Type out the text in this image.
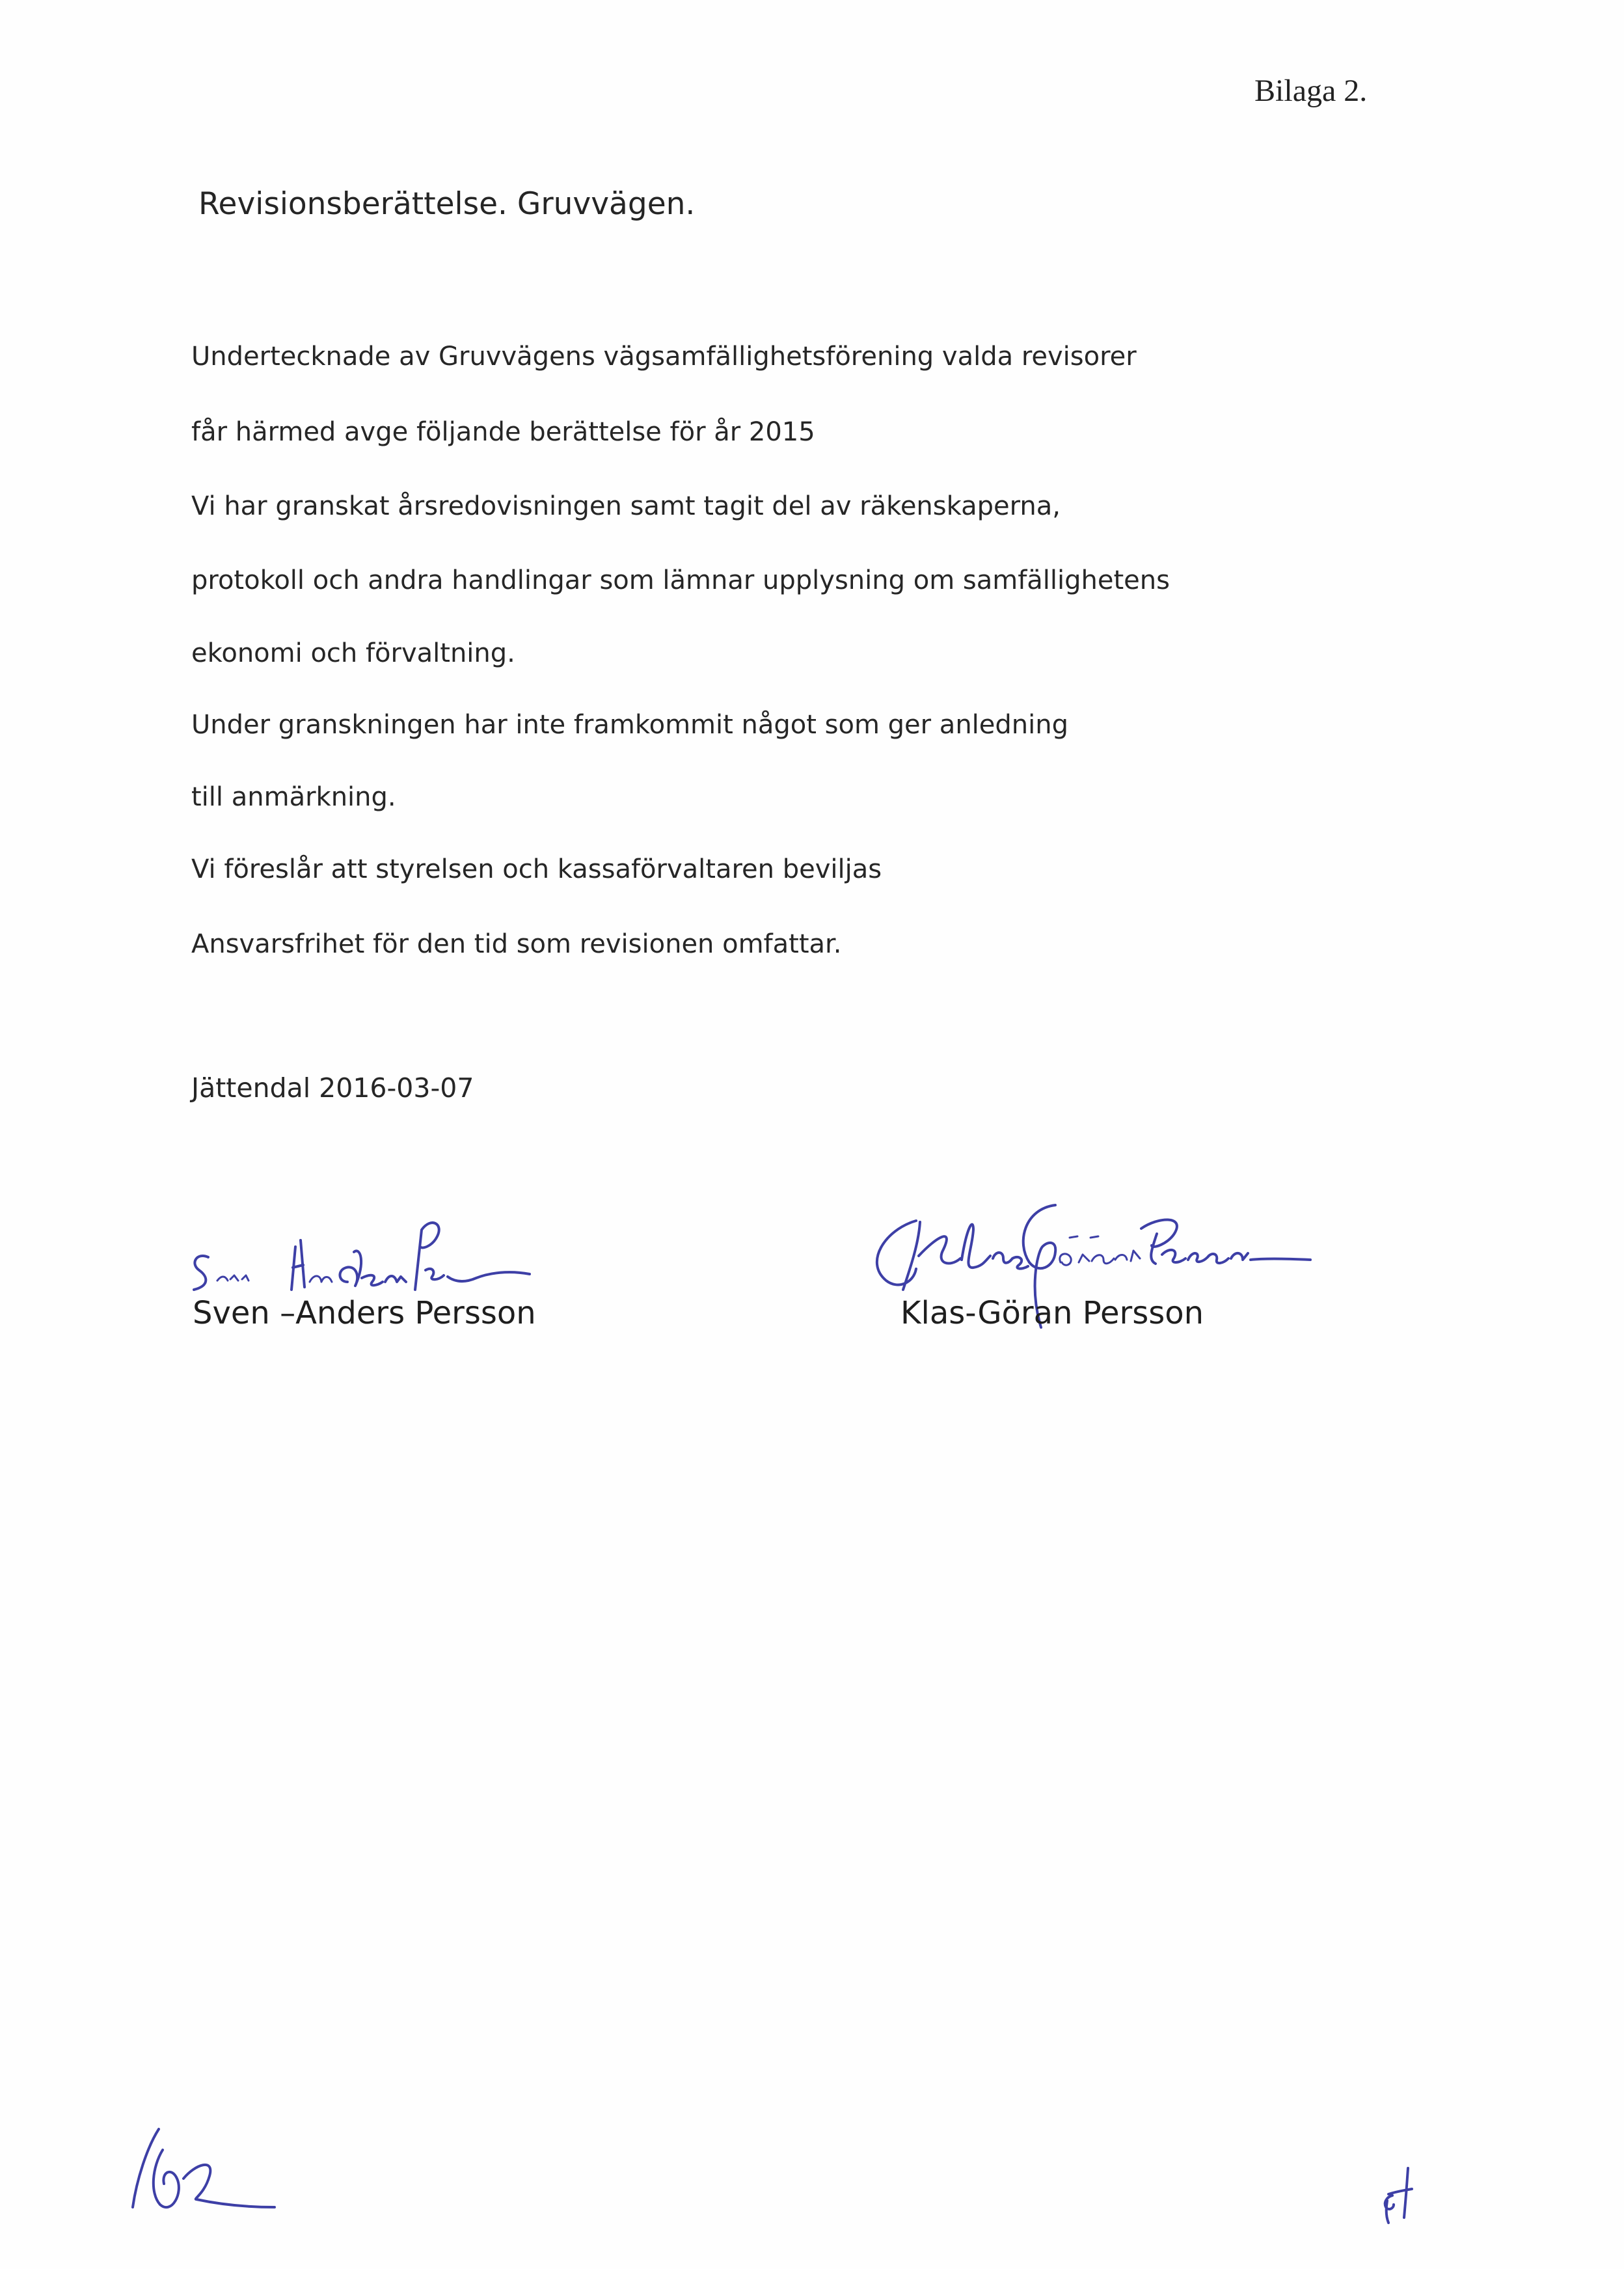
Bilaga 2.
Revisionsberättelse. Gruvvägen.
Undertecknade av Gruvvägens vägsamfällighetsförening valda revisorer
får härmed avge följande berättelse för år 2015
Vi har granskat årsredovisningen samt tagit del av räkenskaperna,
protokoll och andra handlingar som lämnar upplysning om samfällighetens
ekonomi och förvaltning.
Under granskningen har inte framkommit något som ger anledning
till anmärkning.
Vi föreslår att styrelsen och kassaförvaltaren beviljas
Ansvarsfrihet för den tid som revisionen omfattar.
Jättendal 2016-03-07
Sven –Anders Persson	Klas-Göran Persson
